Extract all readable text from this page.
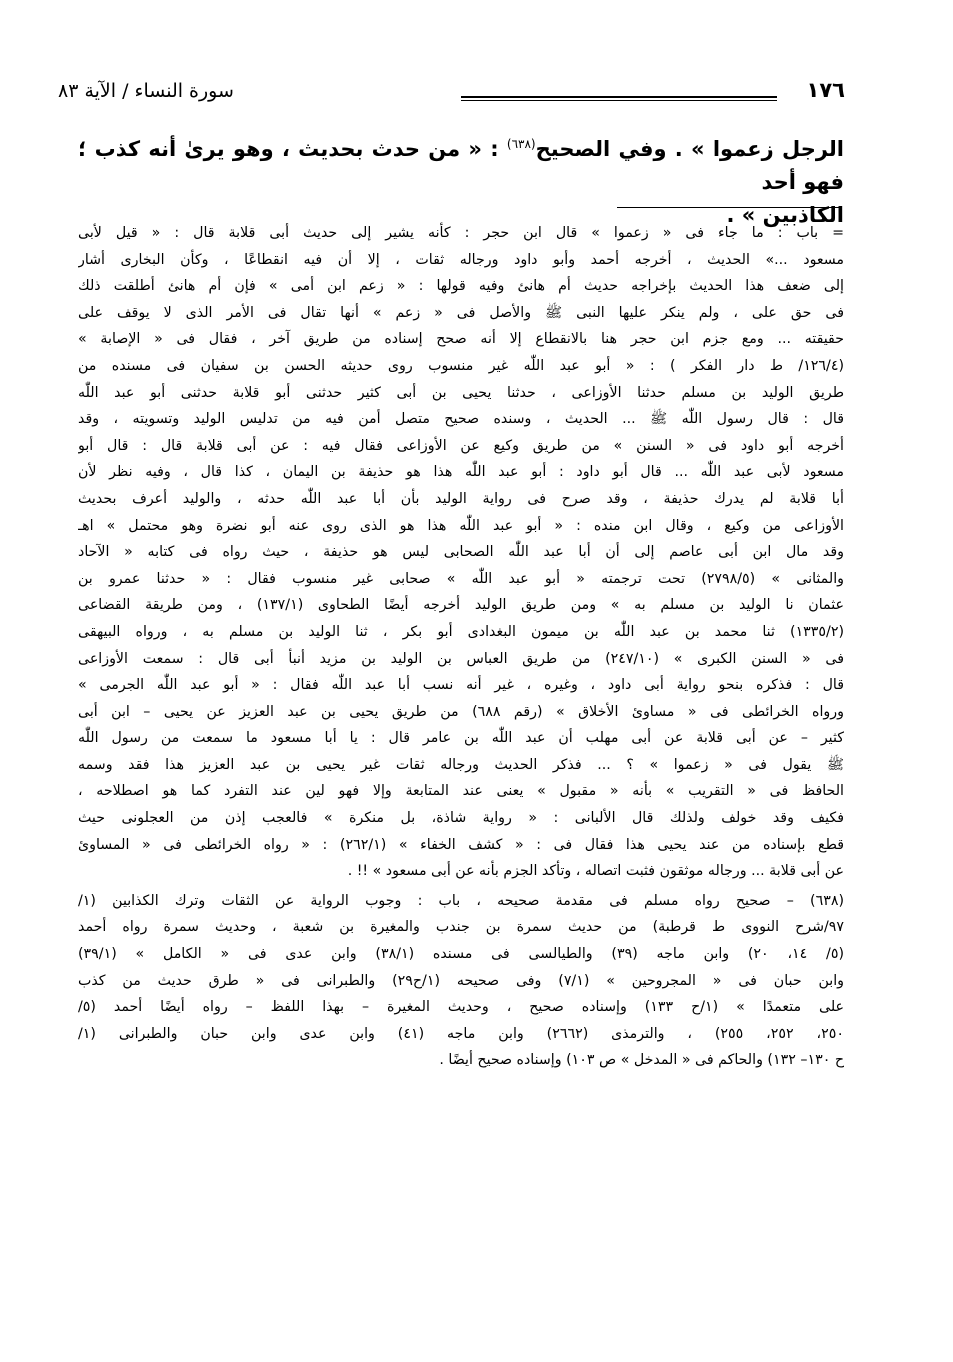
١٧٦
سورة النساء / الآية ٨٣
الرجل زعموا » . وفي الصحيح$^{(٦٣٨)}$ : « من حدث بحديث ، وهو يرىٰ أنه كذب ؛ فهو أحد
الكاذبين » .
= باب : ما جاء فى « زعموا » قال ابن حجر : كأنه يشير إلى حديث أبى قلابة قال : « قيل لأبى
مسعود ...» الحديث ، أخرجه أحمد وأبو داود ورجاله ثقات ، إلا أن فيه انقطاعًا ، وكأن البخارى أشار
إلى ضعف هذا الحديث بإخراجه حديث أم هانئ وفيه قولها : « زعم ابن أمى » فإن أم هانئ أطلقت ذلك
فى حق على ، ولم ينكر عليها النبى ﷺ والأصل فى « زعم » أنها تقال فى الأمر الذى لا يوقف على
حقيقته ... ومع جزم ابن حجر هنا بالانقطاع إلا أنه صحح إسناده من طريق آخر ، فقال فى « الإصابة »
(١٢٦/٤/ ط دار الفكر ) : « أبو عبد اللّٰه غير منسوب روى حديثه الحسن بن سفيان فى مسنده من
طريق الوليد بن مسلم حدثنا الأوزاعى ، حدثنا يحيى بن أبى كثير حدثنى أبو قلابة حدثنى أبو عبد اللّٰه
قال : قال رسول اللّٰه ﷺ ... الحديث ، وسنده صحيح متصل أمن فيه من تدليس الوليد وتسويته ، وقد
أخرجه أبو داود فى « السنن » من طريق وكيع عن الأوزاعى فقال فيه : عن أبى قلابة قال : قال أبو
مسعود لأبى عبد اللّٰه ... قال أبو داود : أبو عبد اللّٰه هذا هو حذيفة بن اليمان ، كذا قال ، وفيه نظر لأن
أبا قلابة لم يدرك حذيفة ، وقد صرح فى رواية الوليد بأن أبا عبد اللّٰه حدثه ، والوليد أعرف بحديث
الأوزاعى من وكيع ، وقال ابن منده : « أبو عبد اللّٰه هذا هو الذى روى عنه أبو نضرة وهو محتمل » اهـ
وقد مال ابن أبى عاصم إلى أن أبا عبد اللّٰه الصحابى ليس هو حذيفة ، حيث رواه فى كتابه « الآحاد
والمثانى » (٢٧٩٨/٥) تحت ترجمته « أبو عبد اللّٰه » صحابى غير منسوب فقال : « حدثنا عمرو بن
عثمان نا الوليد بن مسلم به » ومن طريق الوليد أخرجه أيضًا الطحاوى (١٣٧/١) ، ومن طريقة القضاعى
(١٣٣٥/٢) ثنا محمد بن عبد اللّٰه بن ميمون البغدادى أبو بكر ، ثنا الوليد بن مسلم به ، ورواه البيهقى
فى « السنن الكبرى » (٢٤٧/١٠) من طريق العباس بن الوليد بن مزيد أنبأ أبى قال : سمعت الأوزاعى
قال : فذكره بنحو رواية أبى داود ، وغيره ، غير أنه نسب أبا عبد اللّٰه فقال : « أبو عبد اللّٰه الجرمى »
ورواه الخرائطى فى « مساوئ الأخلاق » (رقم ٦٨٨) من طريق يحيى بن عبد العزيز عن يحيى – ابن أبى
كثير – عن أبى قلابة عن أبى مهلب أن عبد اللّٰه بن عامر قال : يا أبا مسعود ما سمعت من رسول اللّٰه
ﷺ يقول فى « زعموا » ؟ ... فذكر الحديث ورجاله ثقات غير يحيى بن عبد العزيز هذا فقد وسمه
الحافظ فى « التقريب » بأنه « مقبول » يعنى عند المتابعة وإلا فهو لين عند التفرد كما هو اصطلاحه ،
فكيف وقد خولف ولذلك قال الألبانى : « رواية شاذة، بل منكرة » فالعجب إذن من العجلونى حيث
قطع بإسناده من عند يحيى هذا فقال فى : « كشف الخفاء » (٢٦٢/١) : « رواه الخرائطى فى « المساوئ
عن أبى قلابة ... ورجاله موثقون فثبت اتصاله ، وتأكد الجزم بأنه عن أبى مسعود » !! .
(٦٣٨) – صحيح رواه مسلم فى مقدمة صحيحه ، باب : وجوب الرواية عن الثقات وترك الكذابين (١/
٩٧/شرح النووى ط قرطبة) من حديث سمرة بن جندب والمغيرة بن شعبة ، وحديث سمرة رواه أحمد
(٥/ ١٤، ٢٠) وابن ماجه (٣٩) والطيالسى فى مسنده (٣٨/١) وابن عدى فى « الكامل » (٣٩/١)
وابن حبان فى « المجروحين » (٧/١) وفى صحيحه (١/ح٢٩) والطبرانى فى « طرق حديث من كذب
على متعمدًا » (١/ح ١٣٣) وإسناده صحيح ، وحديث المغيرة – بهذا اللفظ – رواه أيضًا أحمد (٥/
٢٥٠، ٢٥٢، ٢٥٥) ، والترمذى (٢٦٦٢) وابن ماجه (٤١) وابن عدى وابن حبان والطبرانى (١/
ح ١٣٠– ١٣٢) والحاكم فى « المدخل » ص ١٠٣) وإسناده صحيح أيضًا .
